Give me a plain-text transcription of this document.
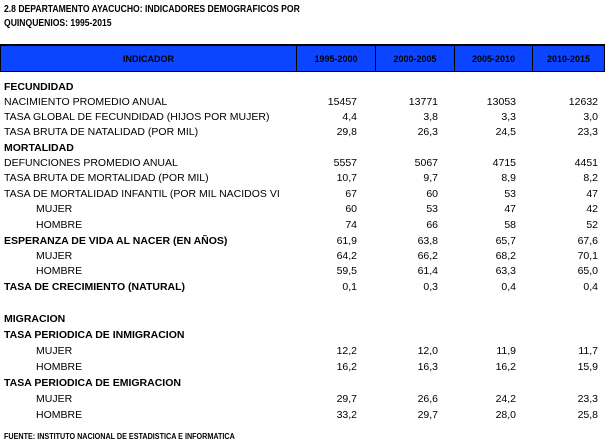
2.8 DEPARTAMENTO AYACUCHO: INDICADORES DEMOGRAFICOS POR
QUINQUENIOS: 1995-2015
INDICADOR	1995-2000	2000-2005	2005-2010	2010-2015
FECUNDIDAD
NACIMIENTO PROMEDIO ANUAL	15457	13771	13053	12632
TASA GLOBAL DE FECUNDIDAD (HIJOS POR MUJER)	4,4	3,8	3,3	3,0
TASA BRUTA DE NATALIDAD (POR MIL)	29,8	26,3	24,5	23,3
MORTALIDAD
DEFUNCIONES PROMEDIO ANUAL	5557	5067	4715	4451
TASA BRUTA DE MORTALIDAD (POR MIL)	10,7	9,7	8,9	8,2
TASA DE MORTALIDAD INFANTIL (POR MIL NACIDOS VI	67	60	53	47
MUJER	60	53	47	42
HOMBRE	74	66	58	52
ESPERANZA DE VIDA AL NACER (EN AÑOS)	61,9	63,8	65,7	67,6
MUJER	64,2	66,2	68,2	70,1
HOMBRE	59,5	61,4	63,3	65,0
TASA DE CRECIMIENTO (NATURAL)	0,1	0,3	0,4	0,4
MIGRACION
TASA PERIODICA DE INMIGRACION
MUJER	12,2	12,0	11,9	11,7
HOMBRE	16,2	16,3	16,2	15,9
TASA PERIODICA DE EMIGRACION
MUJER	29,7	26,6	24,2	23,3
HOMBRE	33,2	29,7	28,0	25,8
FUENTE: INSTITUTO NACIONAL DE ESTADISTICA E INFORMATICA
